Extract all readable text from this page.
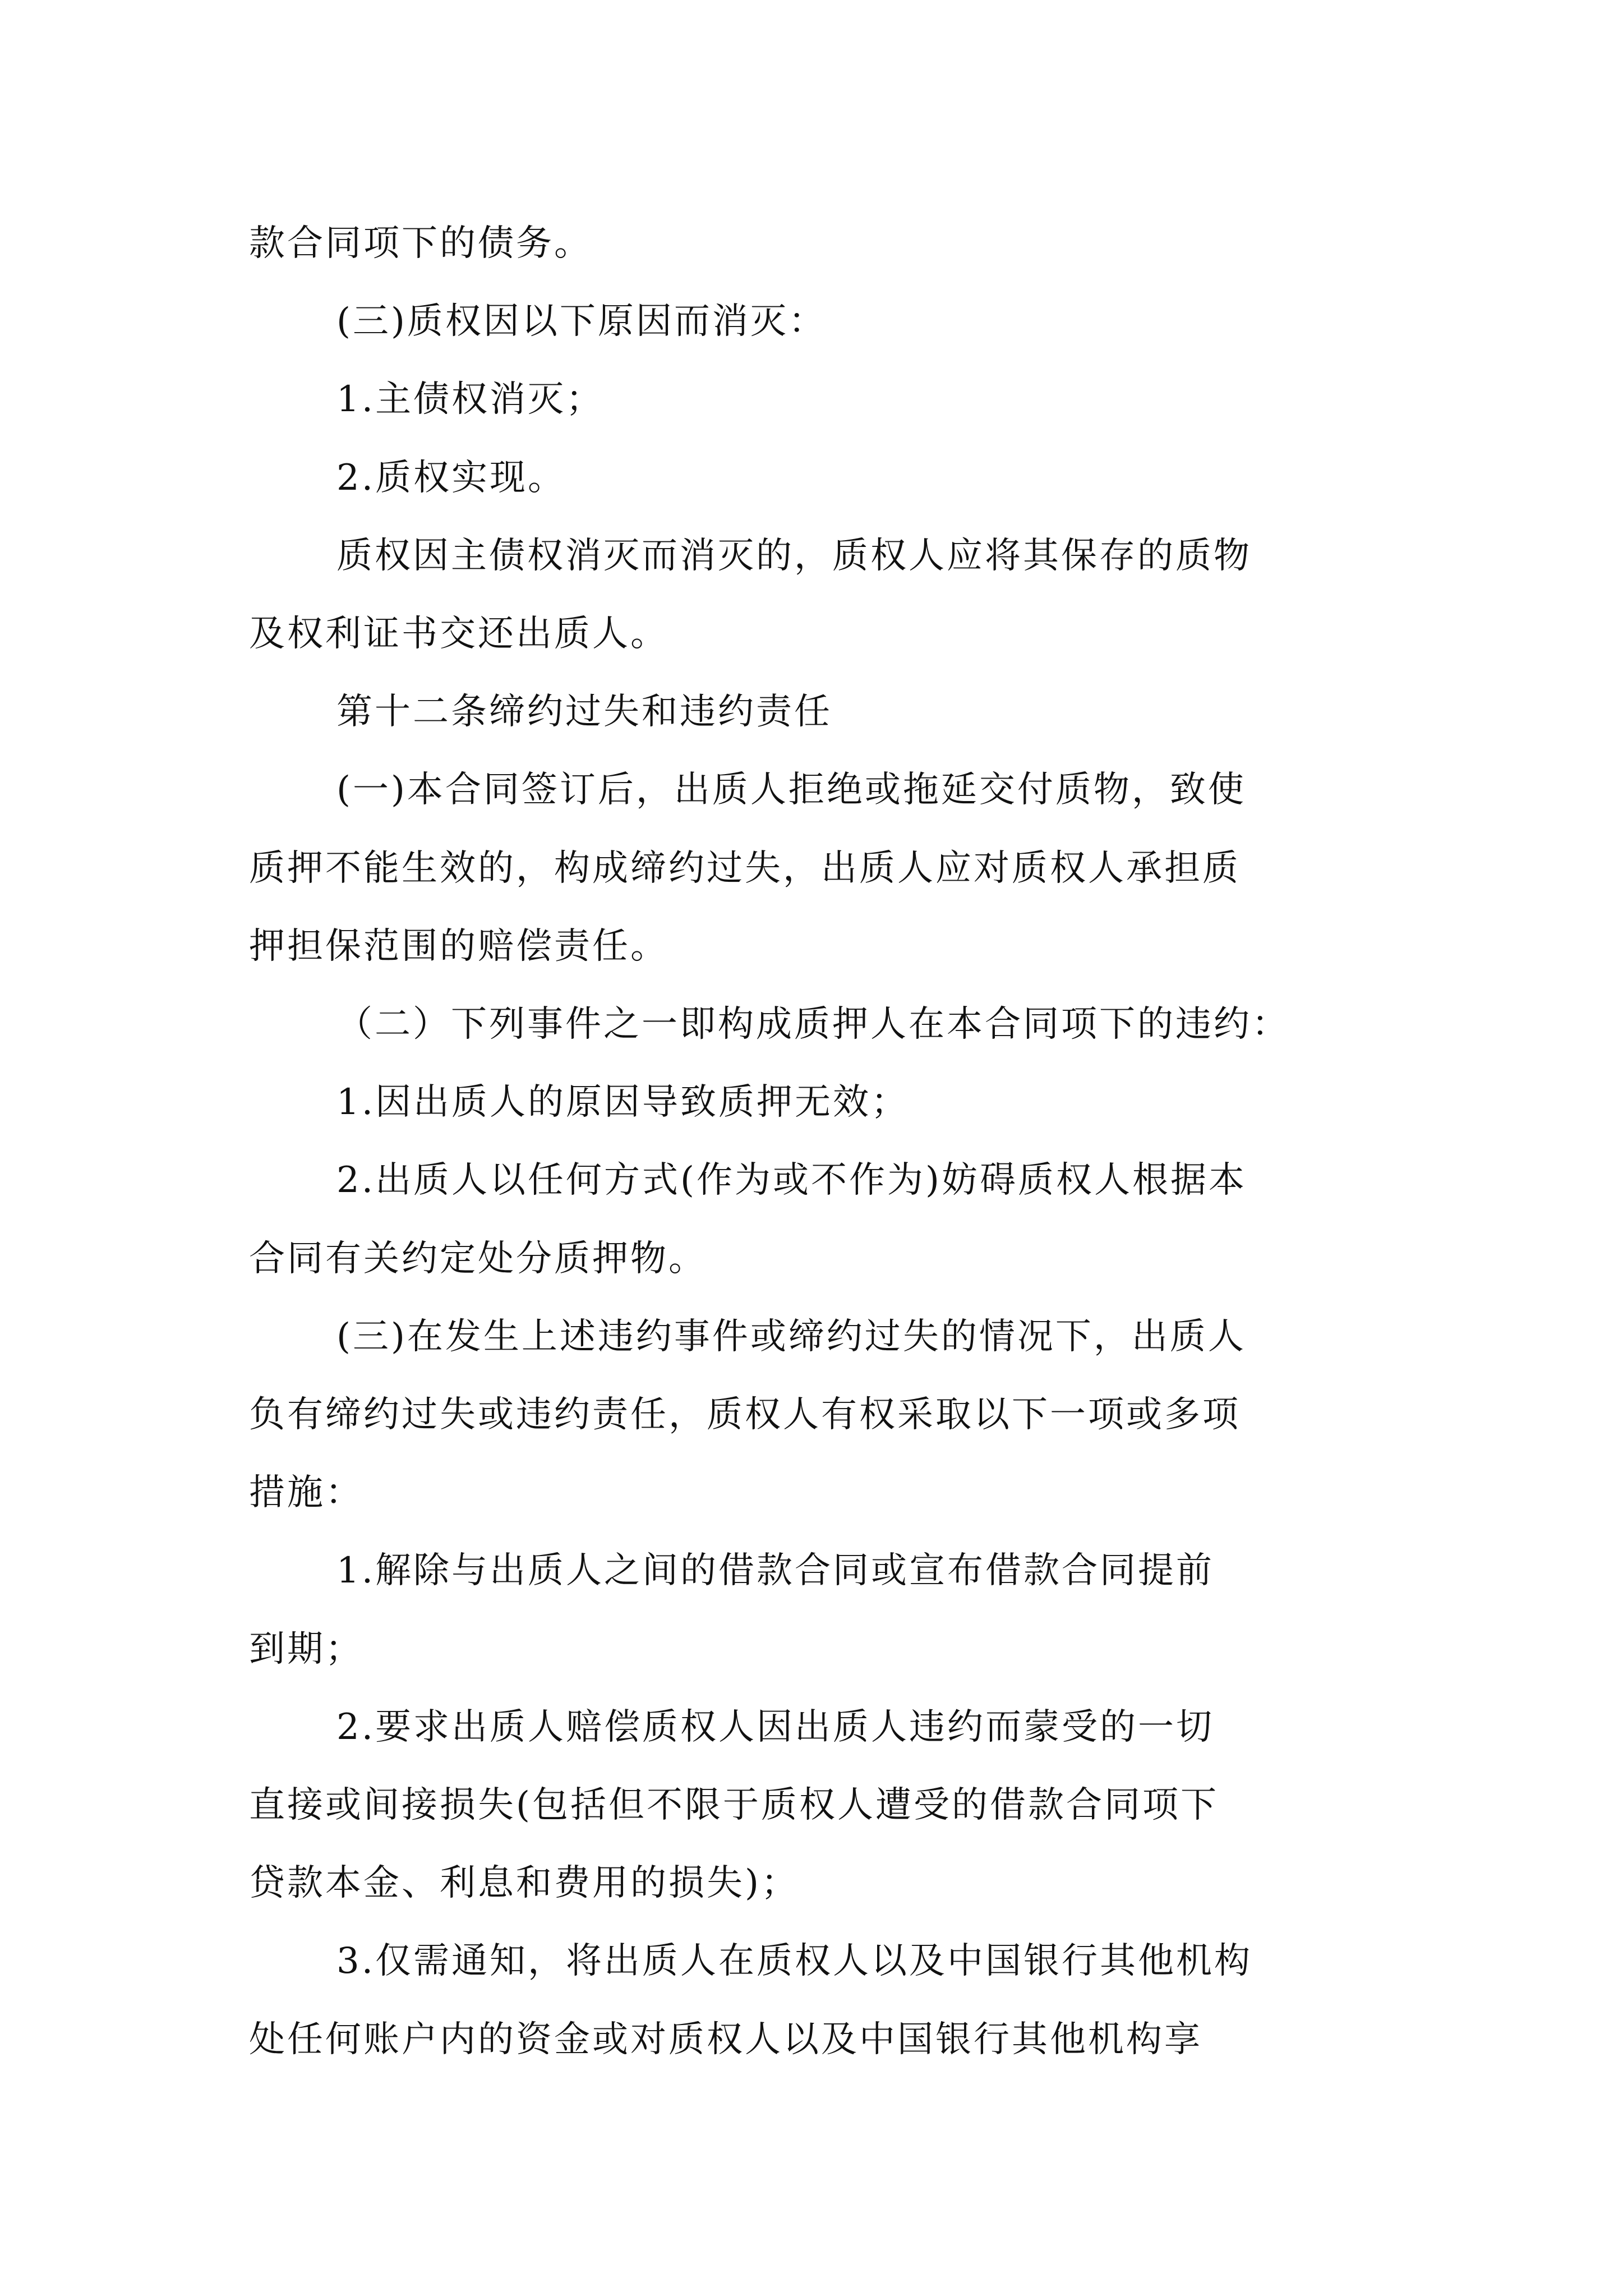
款合同项下的债务。
(三)质权因以下原因而消灭：
1.主债权消灭；
2.质权实现。
质权因主债权消灭而消灭的，质权人应将其保存的质物
及权利证书交还出质人。
第十二条缔约过失和违约责任
(一)本合同签订后，出质人拒绝或拖延交付质物，致使
质押不能生效的，构成缔约过失，出质人应对质权人承担质
押担保范围的赔偿责任。
（二）下列事件之一即构成质押人在本合同项下的违约：
1.因出质人的原因导致质押无效；
2.出质人以任何方式(作为或不作为)妨碍质权人根据本
合同有关约定处分质押物。
(三)在发生上述违约事件或缔约过失的情况下，出质人
负有缔约过失或违约责任，质权人有权采取以下一项或多项
措施：
1.解除与出质人之间的借款合同或宣布借款合同提前
到期；
2.要求出质人赔偿质权人因出质人违约而蒙受的一切
直接或间接损失(包括但不限于质权人遭受的借款合同项下
贷款本金、利息和费用的损失)；
3.仅需通知，将出质人在质权人以及中国银行其他机构
处任何账户内的资金或对质权人以及中国银行其他机构享
